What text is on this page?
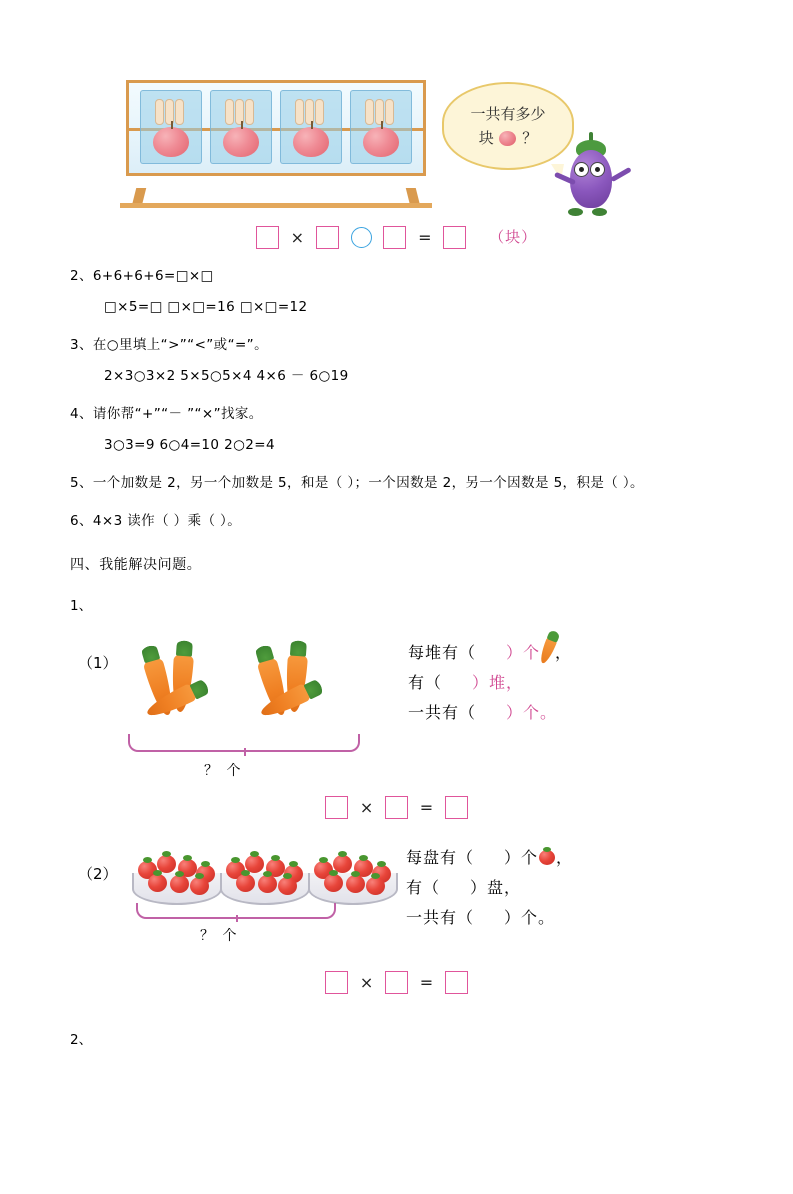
一共有多少
块 ？
×	=	（块）
2、6+6+6+6=□×□
□×5=□ □×□=16 □×□=12
3、在○里填上“>”“<”或“=”。
2×3○3×2 5×5○5×4 4×6 － 6○19
4、请你帮“+”“－ ”“×”找家。
3○3=9 6○4=10 2○2=4
5、一个加数是 2，另一个加数是 5，和是（ ）；一个因数是 2，另一个因数是 5，积是（ ）。
6、4×3 读作（ ）乘（ ）。
四、我能解决问题。
1、
（1）
？ 个
每堆有（ ）个 ，
有（ ）堆，
一共有（ ）个。
×	=
（2）
？ 个
每盘有（ ）个 ，
有（ ）盘，
一共有（ ）个。
×	=
2、
